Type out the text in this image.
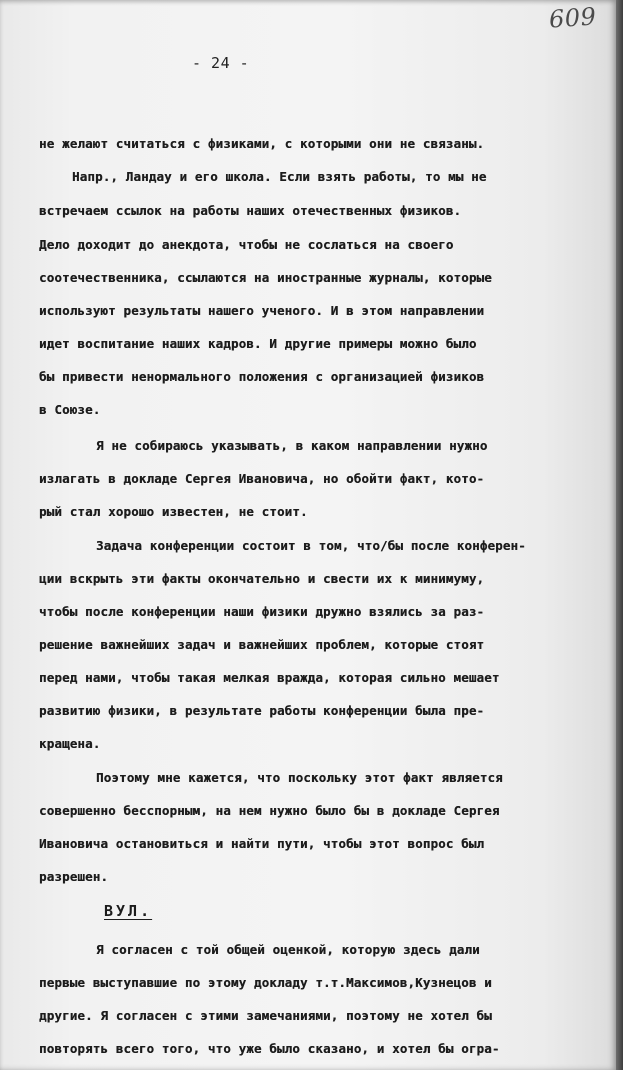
609
- 24 -
не желают считаться с физиками, с которыми они не связаны.
Напр., Ландау и его школа. Если взять работы, то мы не
встречаем ссылок на работы наших отечественных физиков.
Дело доходит до анекдота, чтобы не сослаться на своего
соотечественника, ссылаются на иностранные журналы, которые
используют результаты нашего ученого. И в этом направлении
идет воспитание наших кадров. И другие примеры можно было
бы привести ненормального положения с организацией физиков
в Союзе.
Я не собираюсь указывать, в каком направлении нужно
излагать в докладе Сергея Ивановича, но обойти факт, кото-
рый стал хорошо известен, не стоит.
Задача конференции состоит в том, что/бы после конферен-
ции вскрыть эти факты окончательно и свести их к минимуму,
чтобы после конференции наши физики дружно взялись за раз-
решение важнейших задач и важнейших проблем, которые стоят
перед нами, чтобы такая мелкая вражда, которая сильно мешает
развитию физики, в результате работы конференции была пре-
кращена.
Поэтому мне кажется, что поскольку этот факт является
совершенно бесспорным, на нем нужно было бы в докладе Сергея
Ивановича остановиться и найти пути, чтобы этот вопрос был
разрешен.
ВУЛ.
Я согласен с той общей оценкой, которую здесь дали
первые выступавшие по этому докладу т.т.Максимов,Кузнецов и
другие. Я согласен с этими замечаниями, поэтому не хотел бы
повторять всего того, что уже было сказано, и хотел бы огра-
